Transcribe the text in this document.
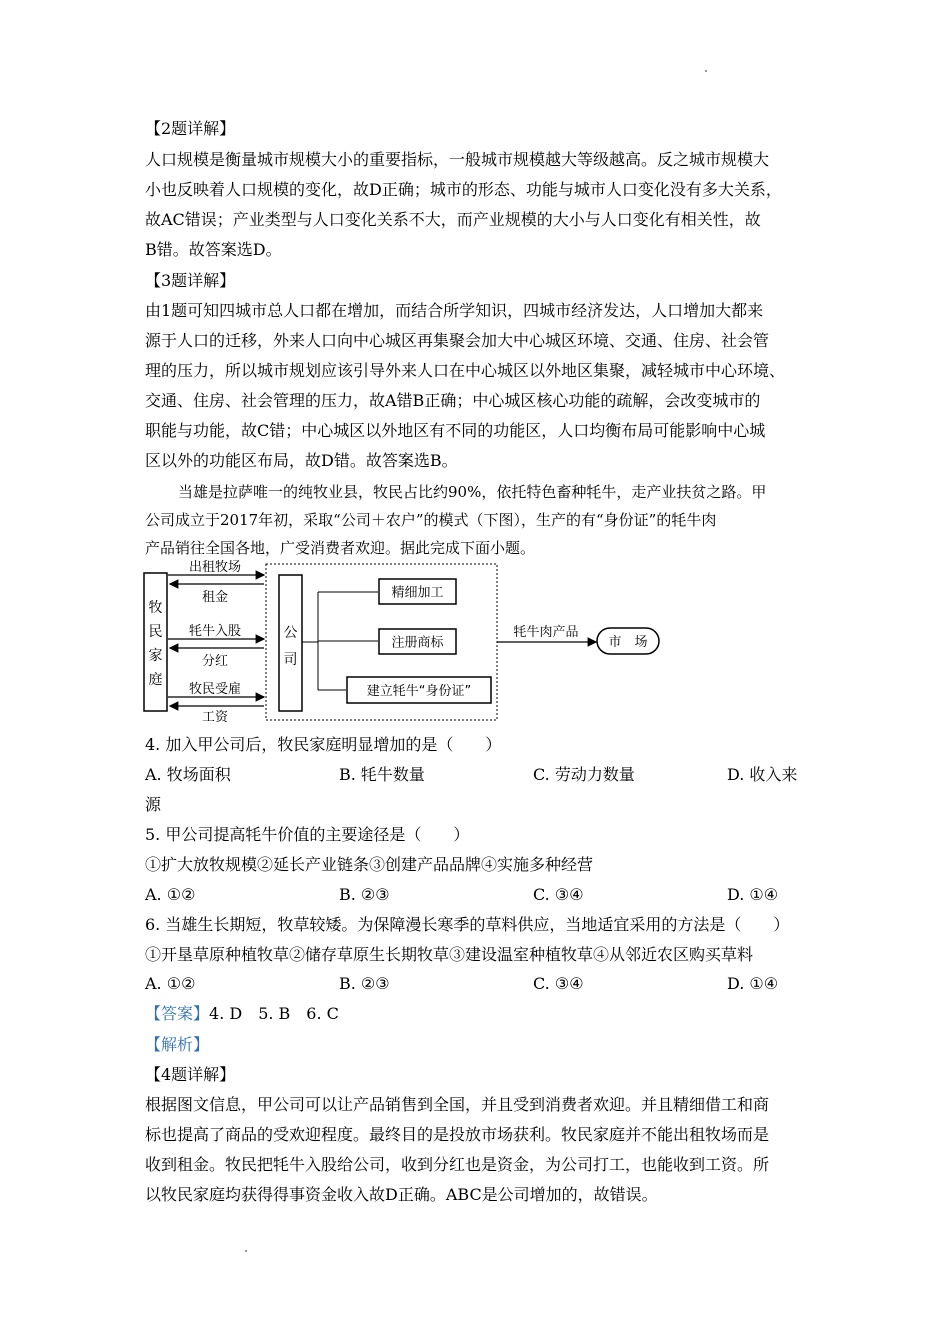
【2题详解】
人口规模是衡量城市规模大小的重要指标，一般城市规模越大等级越高。反之城市规模大
小也反映着人口规模的变化，故D正确；城市的形态、功能与城市人口变化没有多大关系，
故AC错误；产业类型与人口变化关系不大，而产业规模的大小与人口变化有相关性，故
B错。故答案选D。
【3题详解】
由1题可知四城市总人口都在增加，而结合所学知识，四城市经济发达，人口增加大都来
源于人口的迁移，外来人口向中心城区再集聚会加大中心城区环境、交通、住房、社会管
理的压力，所以城市规划应该引导外来人口在中心城区以外地区集聚，减轻城市中心环境、
交通、住房、社会管理的压力，故A错B正确；中心城区核心功能的疏解，会改变城市的
职能与功能，故C错；中心城区以外地区有不同的功能区，人口均衡布局可能影响中心城
区以外的功能区布局，故D错。故答案选B。
当雄是拉萨唯一的纯牧业县，牧民占比约90%，依托特色畜种牦牛，走产业扶贫之路。甲
公司成立于2017年初，采取“公司＋农户”的模式（下图），生产的有“身份证”的牦牛肉
产品销往全国各地，广受消费者欢迎。据此完成下面小题。
牧
民
家
庭
出租牧场
租金
牦牛入股
分红
牧民受雇
工资
公
司
精细加工
注册商标
建立牦牛“身份证”
牦牛肉产品
市　场
4. 加入甲公司后，牧民家庭明显增加的是（　　）
A. 牧场面积	B. 牦牛数量	C. 劳动力数量	D. 收入来
源
5. 甲公司提高牦牛价值的主要途径是（　　）
①扩大放牧规模②延长产业链条③创建产品品牌④实施多种经营
A. ①②	B. ②③	C. ③④	D. ①④
6. 当雄生长期短，牧草较矮。为保障漫长寒季的草料供应，当地适宜采用的方法是（　　）
①开垦草原种植牧草②储存草原生长期牧草③建设温室种植牧草④从邻近农区购买草料
A. ①②	B. ②③	C. ③④	D. ①④
【答案】4. D　5. B　6. C
【解析】
【4题详解】
根据图文信息，甲公司可以让产品销售到全国，并且受到消费者欢迎。并且精细借工和商
标也提高了商品的受欢迎程度。最终目的是投放市场获利。牧民家庭并不能出租牧场而是
收到租金。牧民把牦牛入股给公司，收到分红也是资金，为公司打工，也能收到工资。所
以牧民家庭均获得得事资金收入故D正确。ABC是公司增加的，故错误。
